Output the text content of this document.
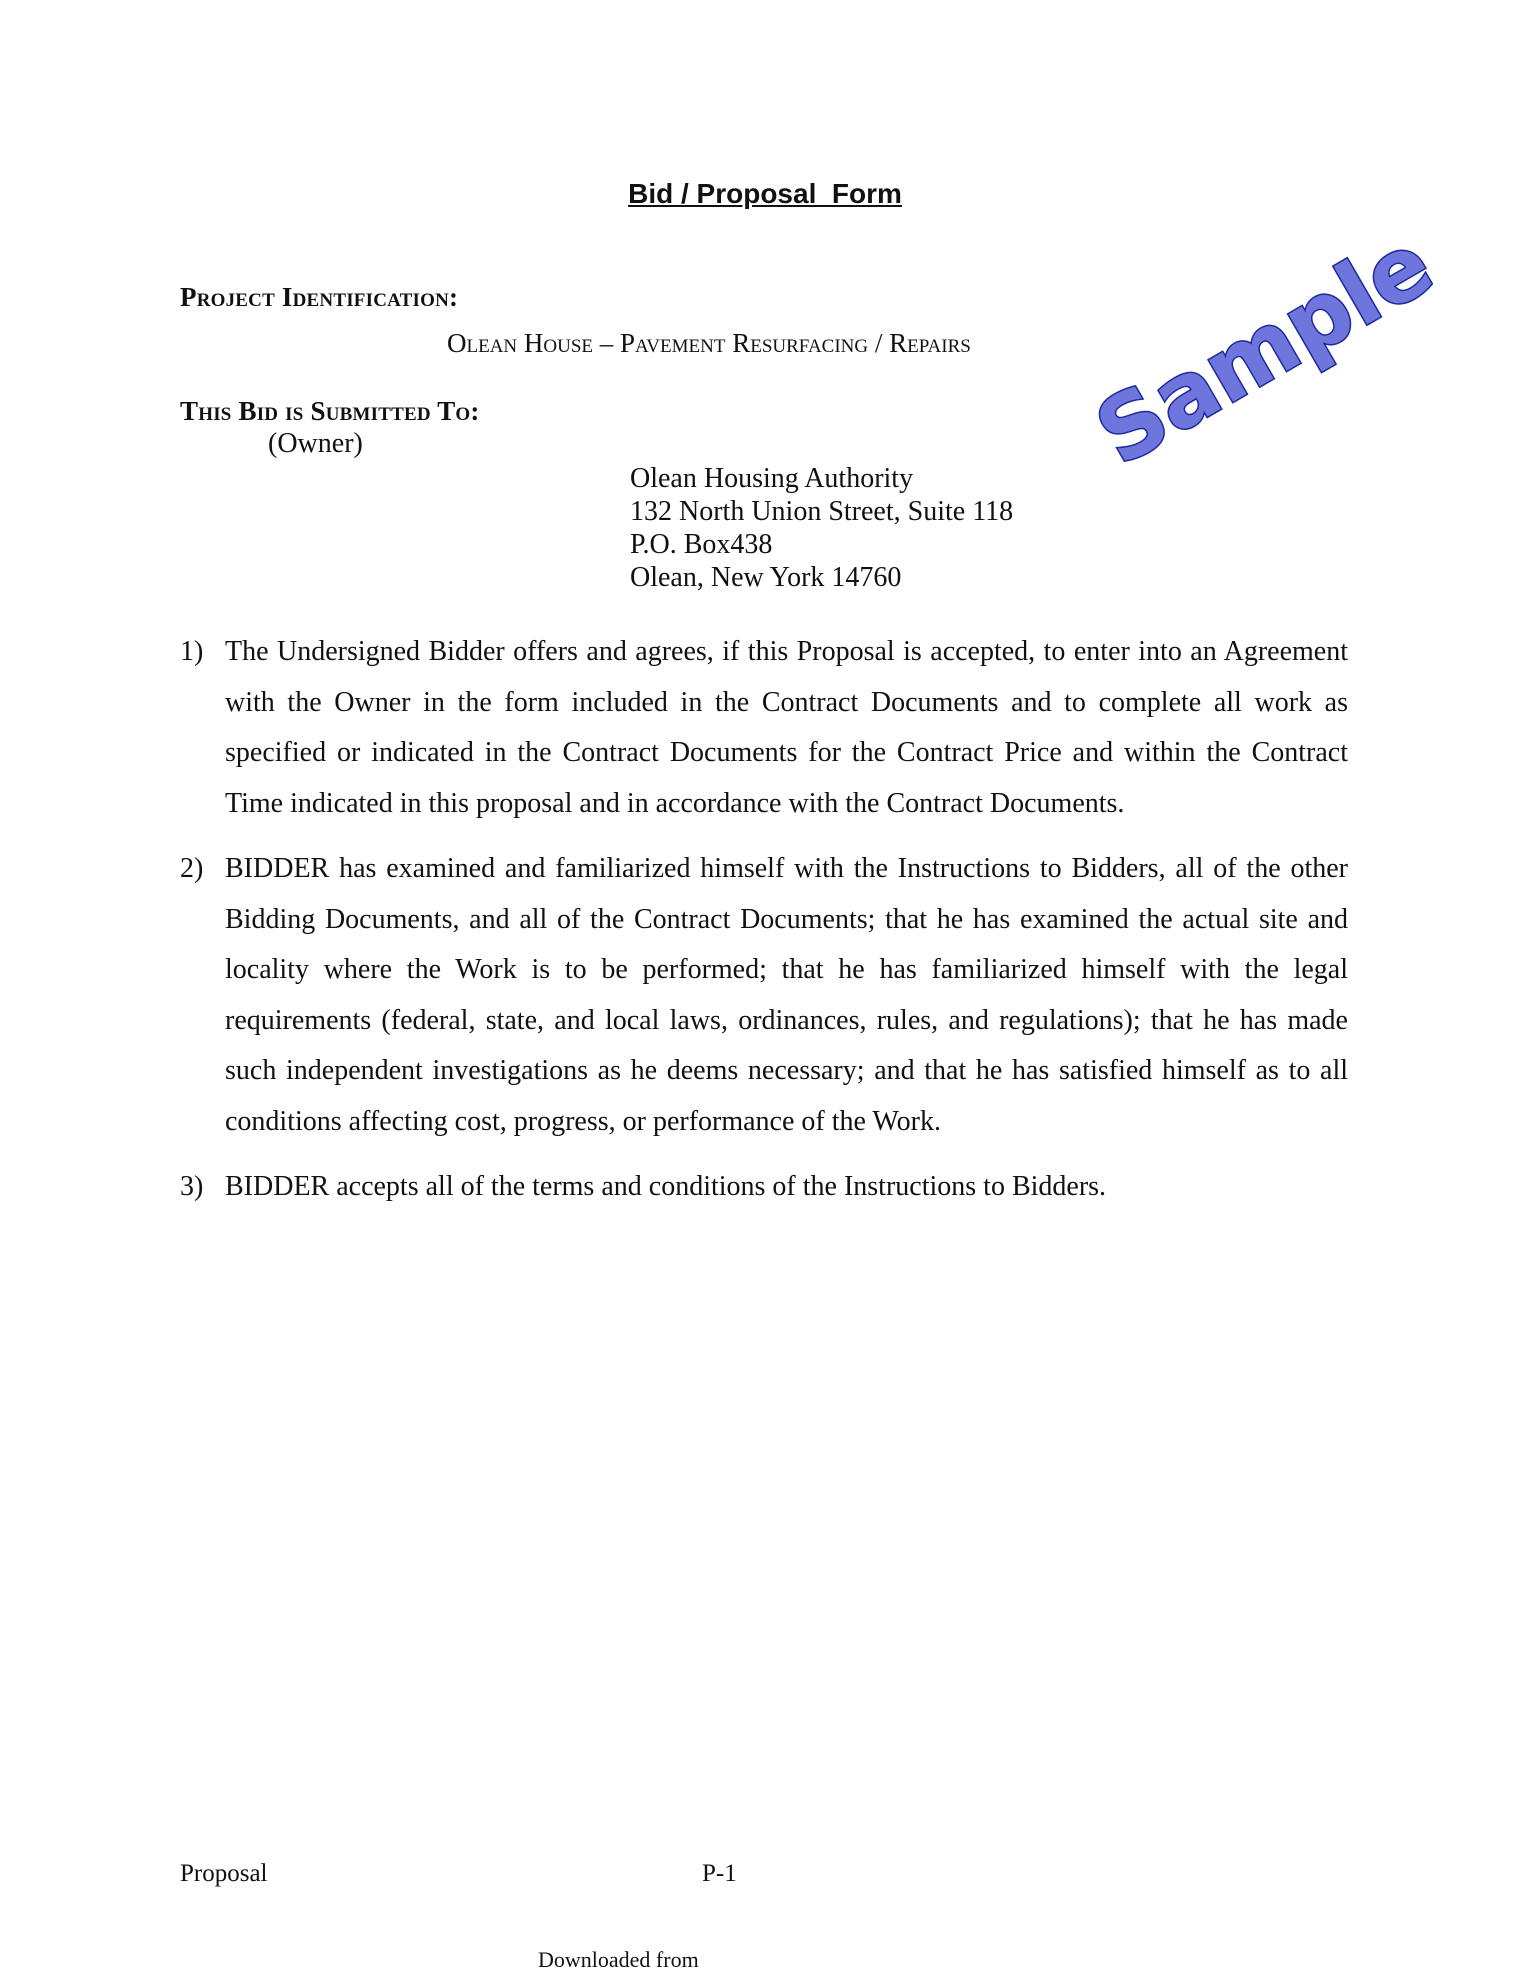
Bid / Proposal  Form
Project Identification:
Olean House – Pavement Resurfacing / Repairs
This Bid is Submitted To:
(Owner)
Olean Housing Authority
132 North Union Street, Suite 118
P.O. Box438
Olean, New York 14760
1) The Undersigned Bidder offers and agrees, if this Proposal is accepted, to enter into an Agreement with the Owner in the form included in the Contract Documents and to complete all work as specified or indicated in the Contract Documents for the Contract Price and within the Contract Time indicated in this proposal and in accordance with the Contract Documents.
2) BIDDER has examined and familiarized himself with the Instructions to Bidders, all of the other Bidding Documents, and all of the Contract Documents; that he has examined the actual site and locality where the Work is to be performed; that he has familiarized himself with the legal requirements (federal, state, and local laws, ordinances, rules, and regulations); that he has made such independent investigations as he deems necessary; and that he has satisfied himself as to all conditions affecting cost, progress, or performance of the Work.
3) BIDDER accepts all of the terms and conditions of the Instructions to Bidders.
Sample
Proposal	P-1
Downloaded from
